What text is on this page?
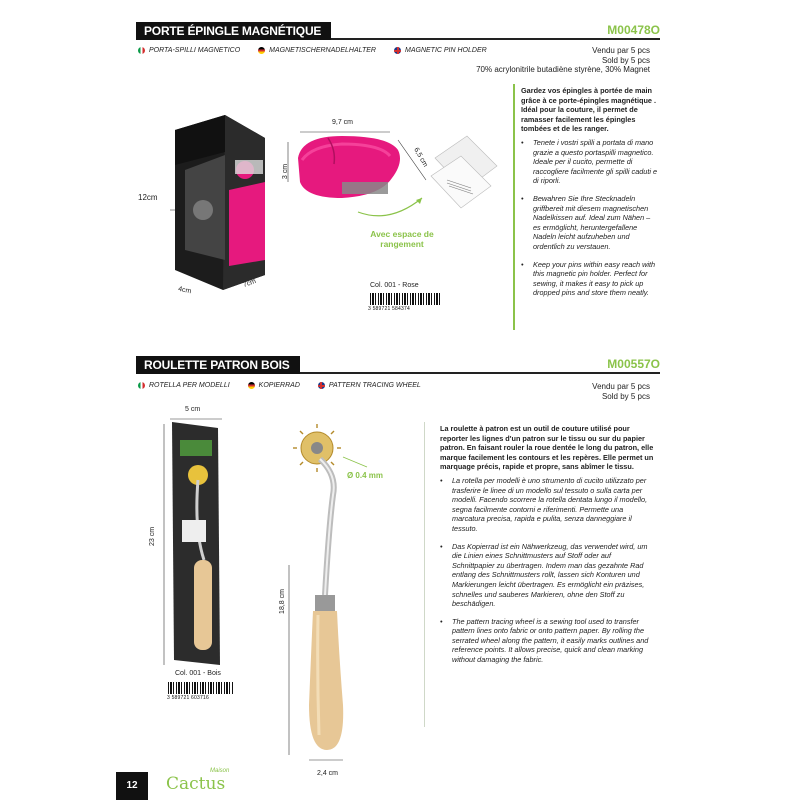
PORTE ÉPINGLE MAGNÉTIQUE	M00478O
PORTA-SPILLI MAGNETICO	MAGNETISCHERNADELHALTER	MAGNETIC PIN HOLDER	Vendu par 5 pcs
Sold by 5 pcs
70% acrylonitrile butadiène styrène, 30% Magnet
12cm
4cm
7cm
9,7 cm
3 cm
6,5 cm
Avec espace de rangement
Col. 001 - Rose
3 589721 584374
Gardez vos épingles à portée de main grâce à ce porte-épingles magnétique . Idéal pour la couture, il permet de ramasser facilement les épingles tombées et de les ranger.
• Tenete i vostri spilli a portata di mano grazie a questo portaspilli magnetico. Ideale per il cucito, permette di raccogliere facilmente gli spilli caduti e di riporli.
• Bewahren Sie Ihre Stecknadeln griffbereit mit diesem magnetischen Nadelkissen auf. Ideal zum Nähen – es ermöglicht, heruntergefallene Nadeln leicht aufzuheben und ordentlich zu verstauen.
• Keep your pins within easy reach with this magnetic pin holder. Perfect for sewing, it makes it easy to pick up dropped pins and store them neatly.
ROULETTE PATRON BOIS	M00557O
ROTELLA PER MODELLI	KOPIERRAD	PATTERN TRACING WHEEL	Vendu par 5 pcs
Sold by 5 pcs
5 cm
23 cm
Col. 001 - Bois
3 589721 603716
Ø 0.4 mm
18,8 cm
2,4 cm
La roulette à patron est un outil de couture utilisé pour reporter les lignes d'un patron sur le tissu ou sur du papier patron. En faisant rouler la roue dentée le long du patron, elle marque facilement les contours et les repères. Elle permet un marquage précis, rapide et propre, sans abîmer le tissu.
• La rotella per modelli è uno strumento di cucito utilizzato per trasferire le linee di un modello sul tessuto o sulla carta per modelli. Facendo scorrere la rotella dentata lungo il modello, segna facilmente contorni e riferimenti. Permette una marcatura precisa, rapida e pulita, senza danneggiare il tessuto.
• Das Kopierrad ist ein Nähwerkzeug, das verwendet wird, um die Linien eines Schnittmusters auf Stoff oder auf Schnittpapier zu übertragen. Indem man das gezahnte Rad entlang des Schnittmusters rollt, lassen sich Konturen und Markierungen leicht übertragen. Es ermöglicht ein präzises, schnelles und sauberes Markieren, ohne den Stoff zu beschädigen.
• The pattern tracing wheel is a sewing tool used to transfer pattern lines onto fabric or onto pattern paper. By rolling the serrated wheel along the pattern, it easily marks outlines and reference points. It allows precise, quick and clean marking without damaging the fabric.
12
Maison
Cactus
